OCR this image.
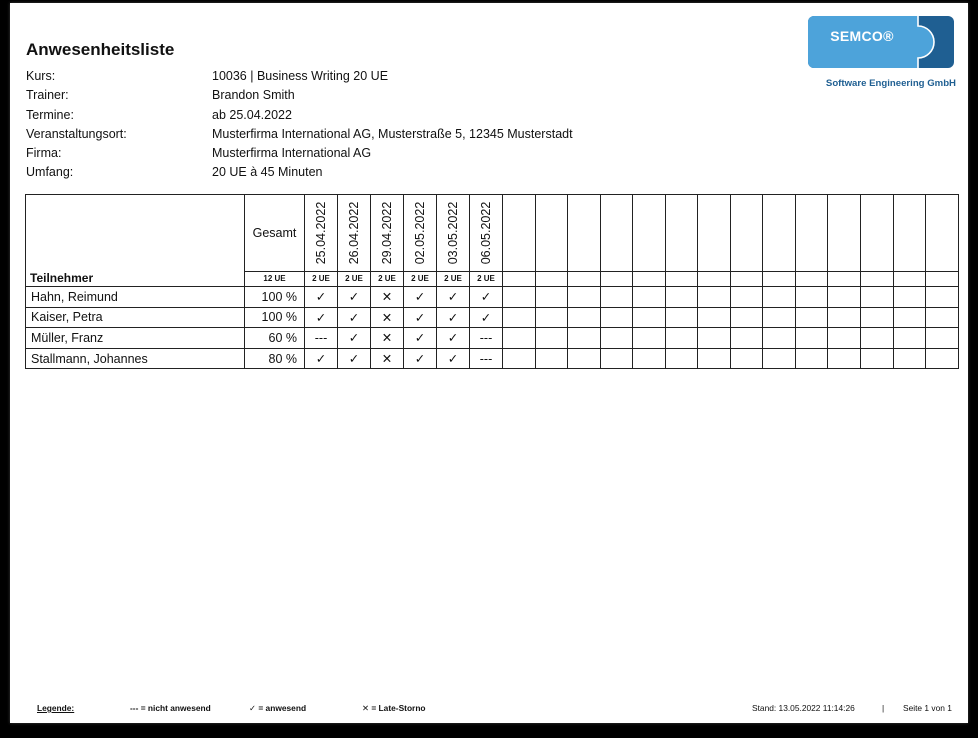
Anwesenheitsliste
Kurs:	10036 | Business Writing 20 UE
Trainer:	Brandon Smith
Termine:	ab 25.04.2022
Veranstaltungsort:	Musterfirma International AG, Musterstraße 5, 12345 Musterstadt
Firma:	Musterfirma International AG
Umfang:	20 UE à 45 Minuten
SEMCO®
Software Engineering GmbH
Teilnehmer	Gesamt	25.04.2022	26.04.2022	29.04.2022	02.05.2022	03.05.2022	06.05.2022														

	12 UE	2 UE	2 UE	2 UE	2 UE	2 UE	2 UE														
Hahn, Reimund	100 %	✓	✓	✕	✓	✓	✓														
Kaiser, Petra	100 %	✓	✓	✕	✓	✓	✓														
Müller, Franz	60 %	---	✓	✕	✓	✓	---														
Stallmann, Johannes	80 %	✓	✓	✕	✓	✓	---														
Legende:	--- = nicht anwesend	✓ = anwesend	✕ = Late-Storno	Stand: 13.05.2022 11:14:26	| Seite 1 von 1
